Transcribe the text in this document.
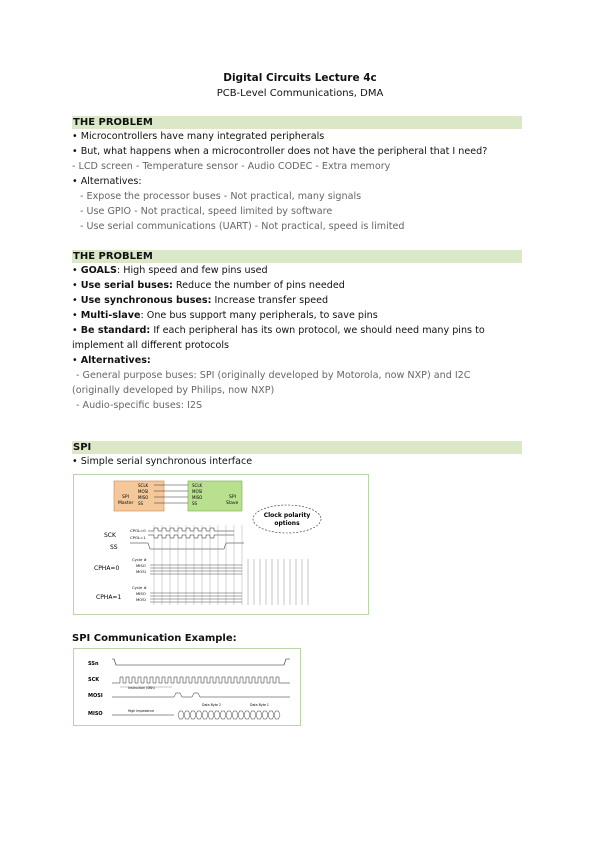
Digital Circuits Lecture 4c
PCB-Level Communications, DMA
THE PROBLEM
• Microcontrollers have many integrated peripherals
• But, what happens when a microcontroller does not have the peripheral that I need?
- LCD screen - Temperature sensor - Audio CODEC - Extra memory
• Alternatives:
- Expose the processor buses - Not practical, many signals
- Use GPIO - Not practical, speed limited by software
- Use serial communications (UART) - Not practical, speed is limited
THE PROBLEM
• GOALS: High speed and few pins used
• Use serial buses: Reduce the number of pins needed
• Use synchronous buses: Increase transfer speed
• Multi-slave: One bus support many peripherals, to save pins
• Be standard: If each peripheral has its own protocol, we should need many pins to
implement all different protocols
• Alternatives:
- General purpose buses: SPI (originally developed by Motorola, now NXP) and I2C
(originally developed by Philips, now NXP)
- Audio-specific buses: I2S
SPI
• Simple serial synchronous interface
SPI
Master
SPI
Slave
SCLK
MOSI
MISO
SS
SCLK
MOSI
MISO
SS
Clock polarity
options
SCK
CPOL=0
CPOL=1
SS
CPHA=0
CPHA=1
Cycle #
MISO
MOSI
Cycle #
MISO
MOSI
SPI Communication Example:
SSn
SCK
MOSI
MISO
Instruction (0Bh)
Data Byte 2	Data Byte 1
High Impedance
